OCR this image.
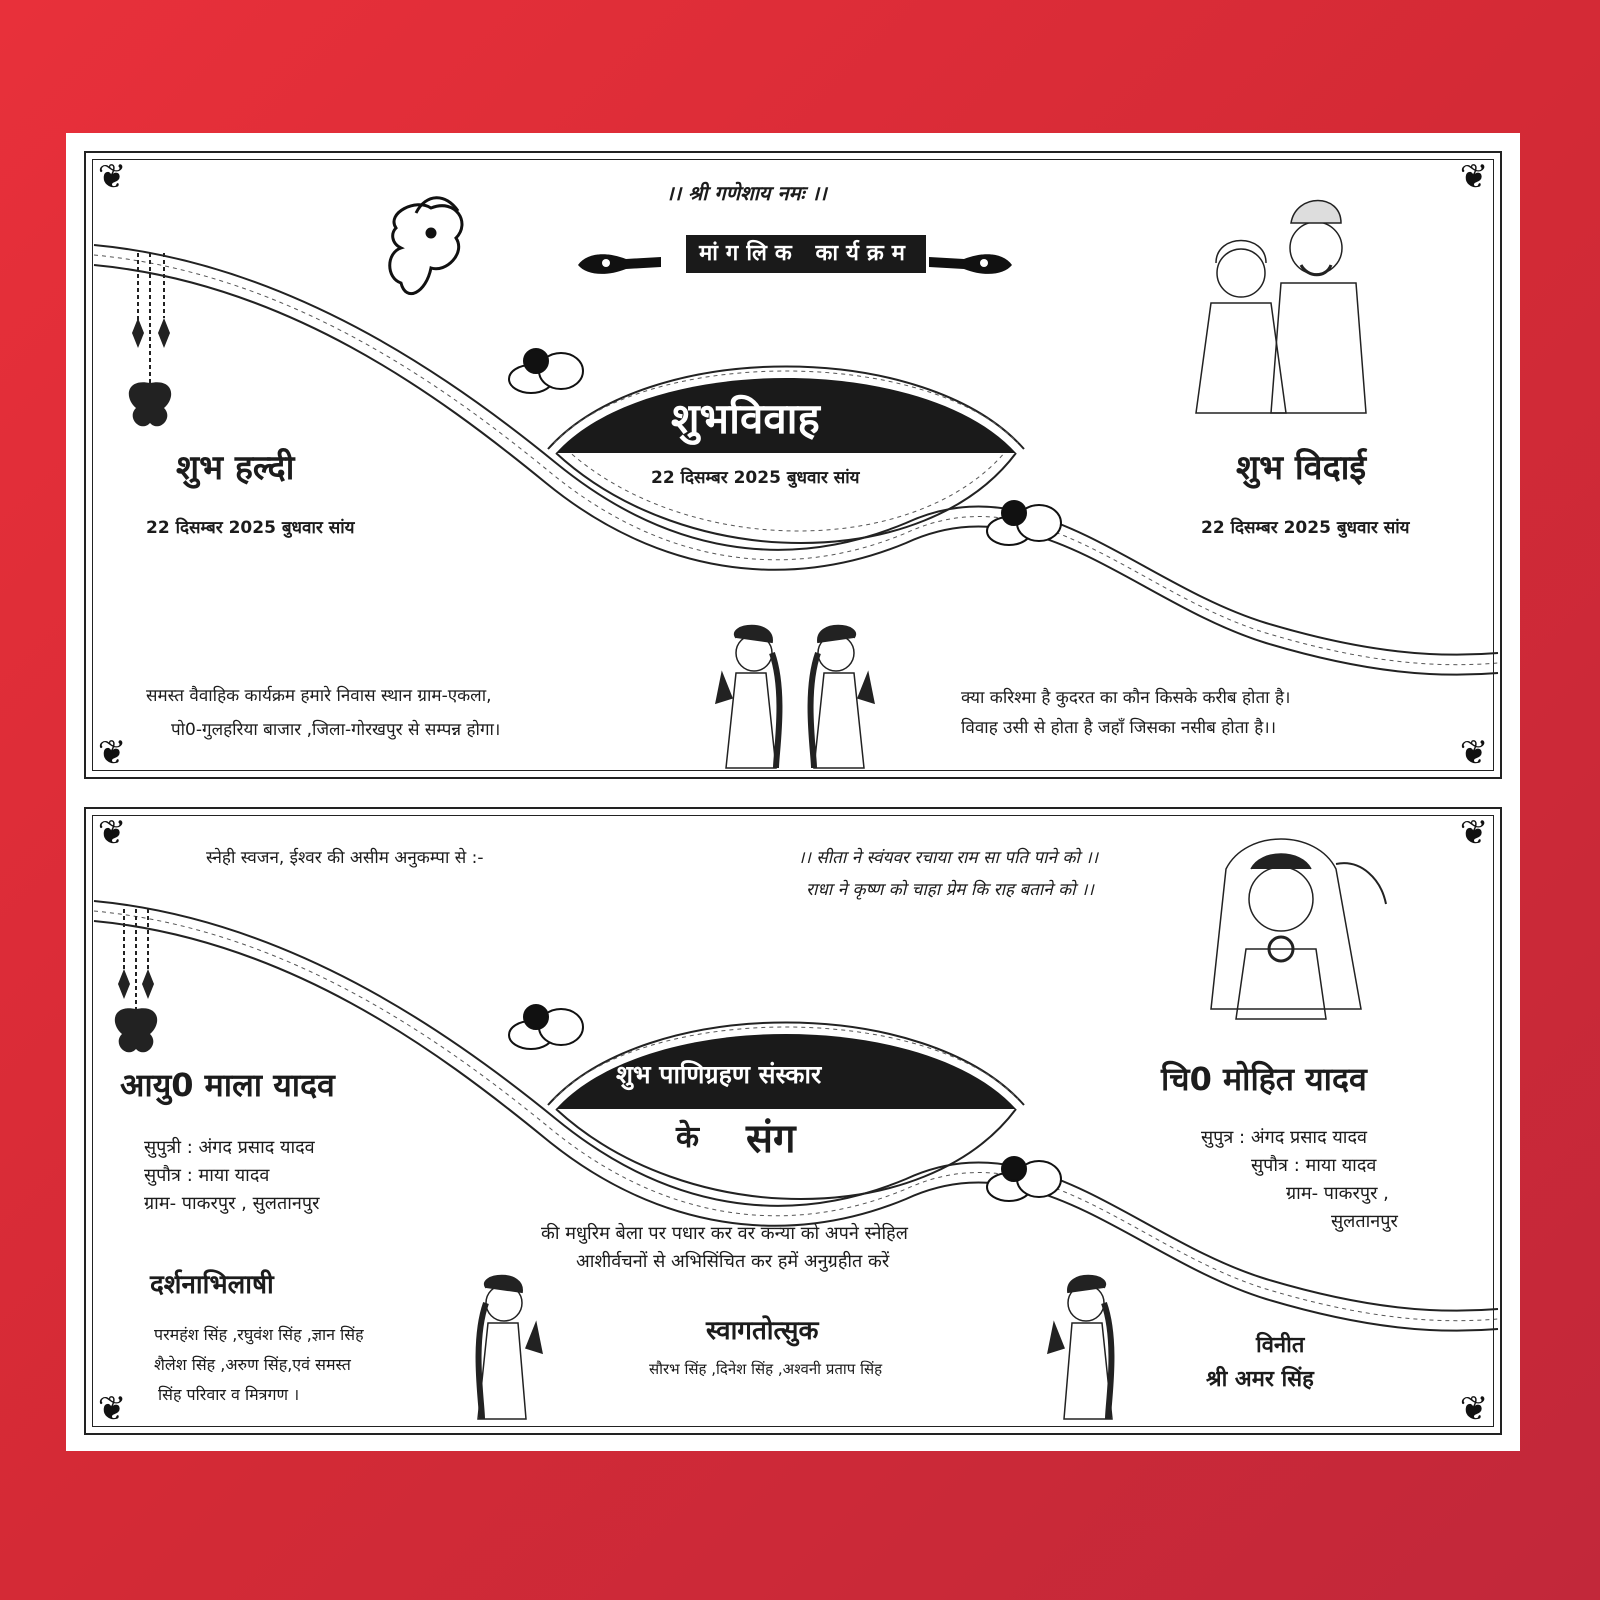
❦	❦
❦	❦
।। श्री गणेशाय नमः ।।
मांगलिक कार्यक्रम
शुभविवाह
22 दिसम्बर 2025 बुधवार सांय
शुभ हल्दी
22 दिसम्बर 2025 बुधवार सांय
शुभ विदाई
22 दिसम्बर 2025 बुधवार सांय
समस्त वैवाहिक कार्यक्रम हमारे निवास स्थान ग्राम-एकला,
पो0-गुलहरिया बाजार ,जिला-गोरखपुर से सम्पन्न होगा।
क्या करिश्मा है कुदरत का कौन किसके करीब होता है।
विवाह उसी से होता है जहाँ जिसका नसीब होता है।।
❦	❦
❦	❦
स्नेही स्वजन, ईश्वर की असीम अनुकम्पा से :-	।। सीता ने स्वंयवर रचाया राम सा पति पाने को ।।
राधा ने कृष्ण को चाहा प्रेम कि राह बताने को ।।
शुभ पाणिग्रहण संस्कार
के संग
आयु0 माला यादव
सुपुत्री : अंगद प्रसाद यादव
सुपौत्र : माया यादव
ग्राम- पाकरपुर , सुलतानपुर
चि0 मोहित यादव
सुपुत्र : अंगद प्रसाद यादव
सुपौत्र : माया यादव
ग्राम- पाकरपुर ,
सुलतानपुर
की मधुरिम बेला पर पधार कर वर कन्या को अपने स्नेहिल
आशीर्वचनों से अभिसिंचित कर हमें अनुग्रहीत करें
दर्शनाभिलाषी
परमहंश सिंह ,रघुवंश सिंह ,ज्ञान सिंह
शैलेश सिंह ,अरुण सिंह,एवं समस्त
सिंह परिवार व मित्रगण ।
स्वागतोत्सुक
सौरभ सिंह ,दिनेश सिंह ,अश्वनी प्रताप सिंह
विनीत
श्री अमर सिंह
